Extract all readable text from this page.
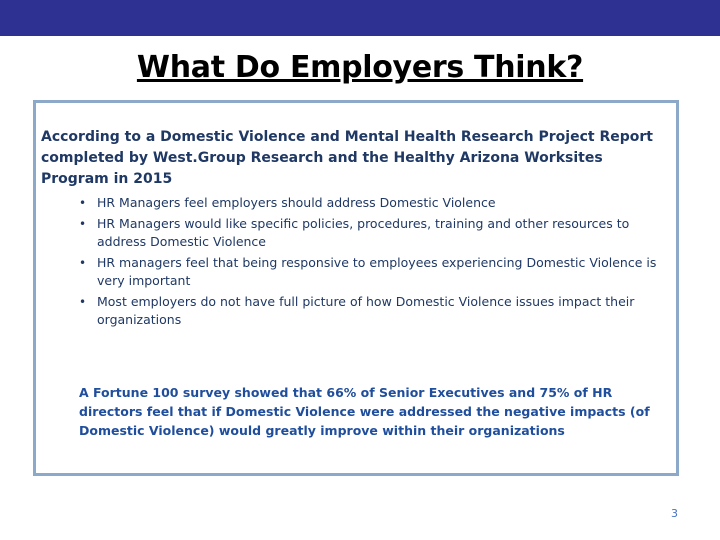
What Do Employers Think?

According to a Domestic Violence and Mental Health Research Project Report completed by West.Group Research and the Healthy Arizona Worksites Program in 2015

• HR Managers feel employers should address Domestic Violence
• HR Managers would like specific policies, procedures, training and other resources to address Domestic Violence
• HR managers feel that being responsive to employees experiencing Domestic Violence is very important
• Most employers do not have full picture of how Domestic Violence issues impact their organizations

A Fortune 100 survey showed that 66% of Senior Executives and 75% of HR directors feel that if Domestic Violence were addressed the negative impacts (of Domestic Violence) would greatly improve within their organizations

3
